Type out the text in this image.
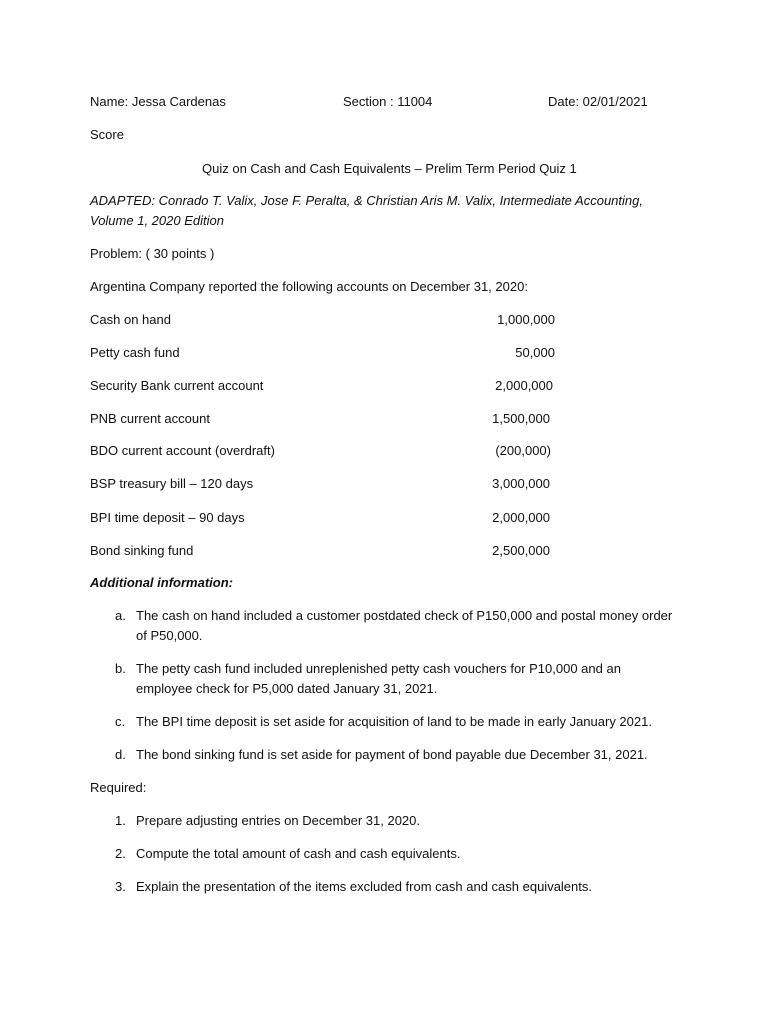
Name: Jessa Cardenas	Section : 11004	Date: 02/01/2021
Score
Quiz on Cash and Cash Equivalents – Prelim Term Period Quiz 1
ADAPTED: Conrado T. Valix, Jose F. Peralta, & Christian Aris M. Valix, Intermediate Accounting,
Volume 1, 2020 Edition
Problem: ( 30 points )
Argentina Company reported the following accounts on December 31, 2020:
Cash on hand	1,000,000
Petty cash fund	50,000
Security Bank current account	2,000,000
PNB current account	1,500,000
BDO current account (overdraft)	(200,000)
BSP treasury bill – 120 days	3,000,000
BPI time deposit – 90 days	2,000,000
Bond sinking fund	2,500,000
Additional information:
a. The cash on hand included a customer postdated check of P150,000 and postal money order of P50,000.
b. The petty cash fund included unreplenished petty cash vouchers for P10,000 and an employee check for P5,000 dated January 31, 2021.
c. The BPI time deposit is set aside for acquisition of land to be made in early January 2021.
d. The bond sinking fund is set aside for payment of bond payable due December 31, 2021.
Required:
1. Prepare adjusting entries on December 31, 2020.
2. Compute the total amount of cash and cash equivalents.
3. Explain the presentation of the items excluded from cash and cash equivalents.
